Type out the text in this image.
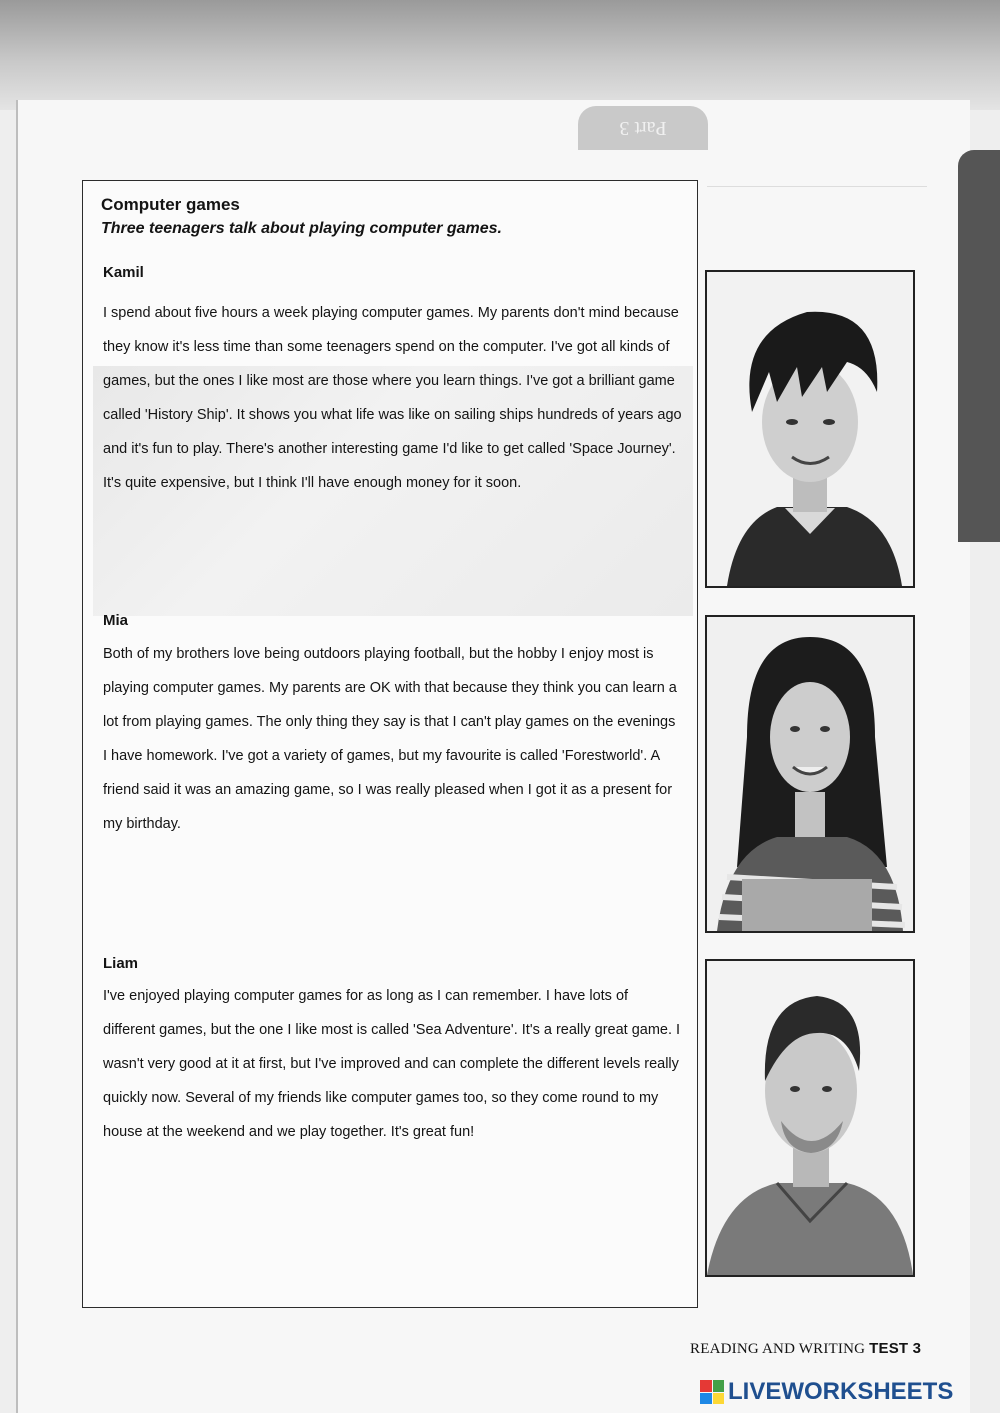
Part 3
Computer games
Three teenagers talk about playing computer games.
Kamil

I spend about five hours a week playing computer games. My parents don't mind because they know it's less time than some teenagers spend on the computer. I've got all kinds of games, but the ones I like most are those where you learn things. I've got a brilliant game called 'History Ship'. It shows you what life was like on sailing ships hundreds of years ago and it's fun to play. There's another interesting game I'd like to get called 'Space Journey'. It's quite expensive, but I think I'll have enough money for it soon.

Mia

Both of my brothers love being outdoors playing football, but the hobby I enjoy most is playing computer games. My parents are OK with that because they think you can learn a lot from playing games. The only thing they say is that I can't play games on the evenings I have homework. I've got a variety of games, but my favourite is called 'Forestworld'. A friend said it was an amazing game, so I was really pleased when I got it as a present for my birthday.

Liam

I've enjoyed playing computer games for as long as I can remember. I have lots of different games, but the one I like most is called 'Sea Adventure'. It's a really great game. I wasn't very good at it at first, but I've improved and can complete the different levels really quickly now. Several of my friends like computer games too, so they come round to my house at the weekend and we play together. It's great fun!

READING AND WRITING TEST 3
LIVEWORKSHEETS
